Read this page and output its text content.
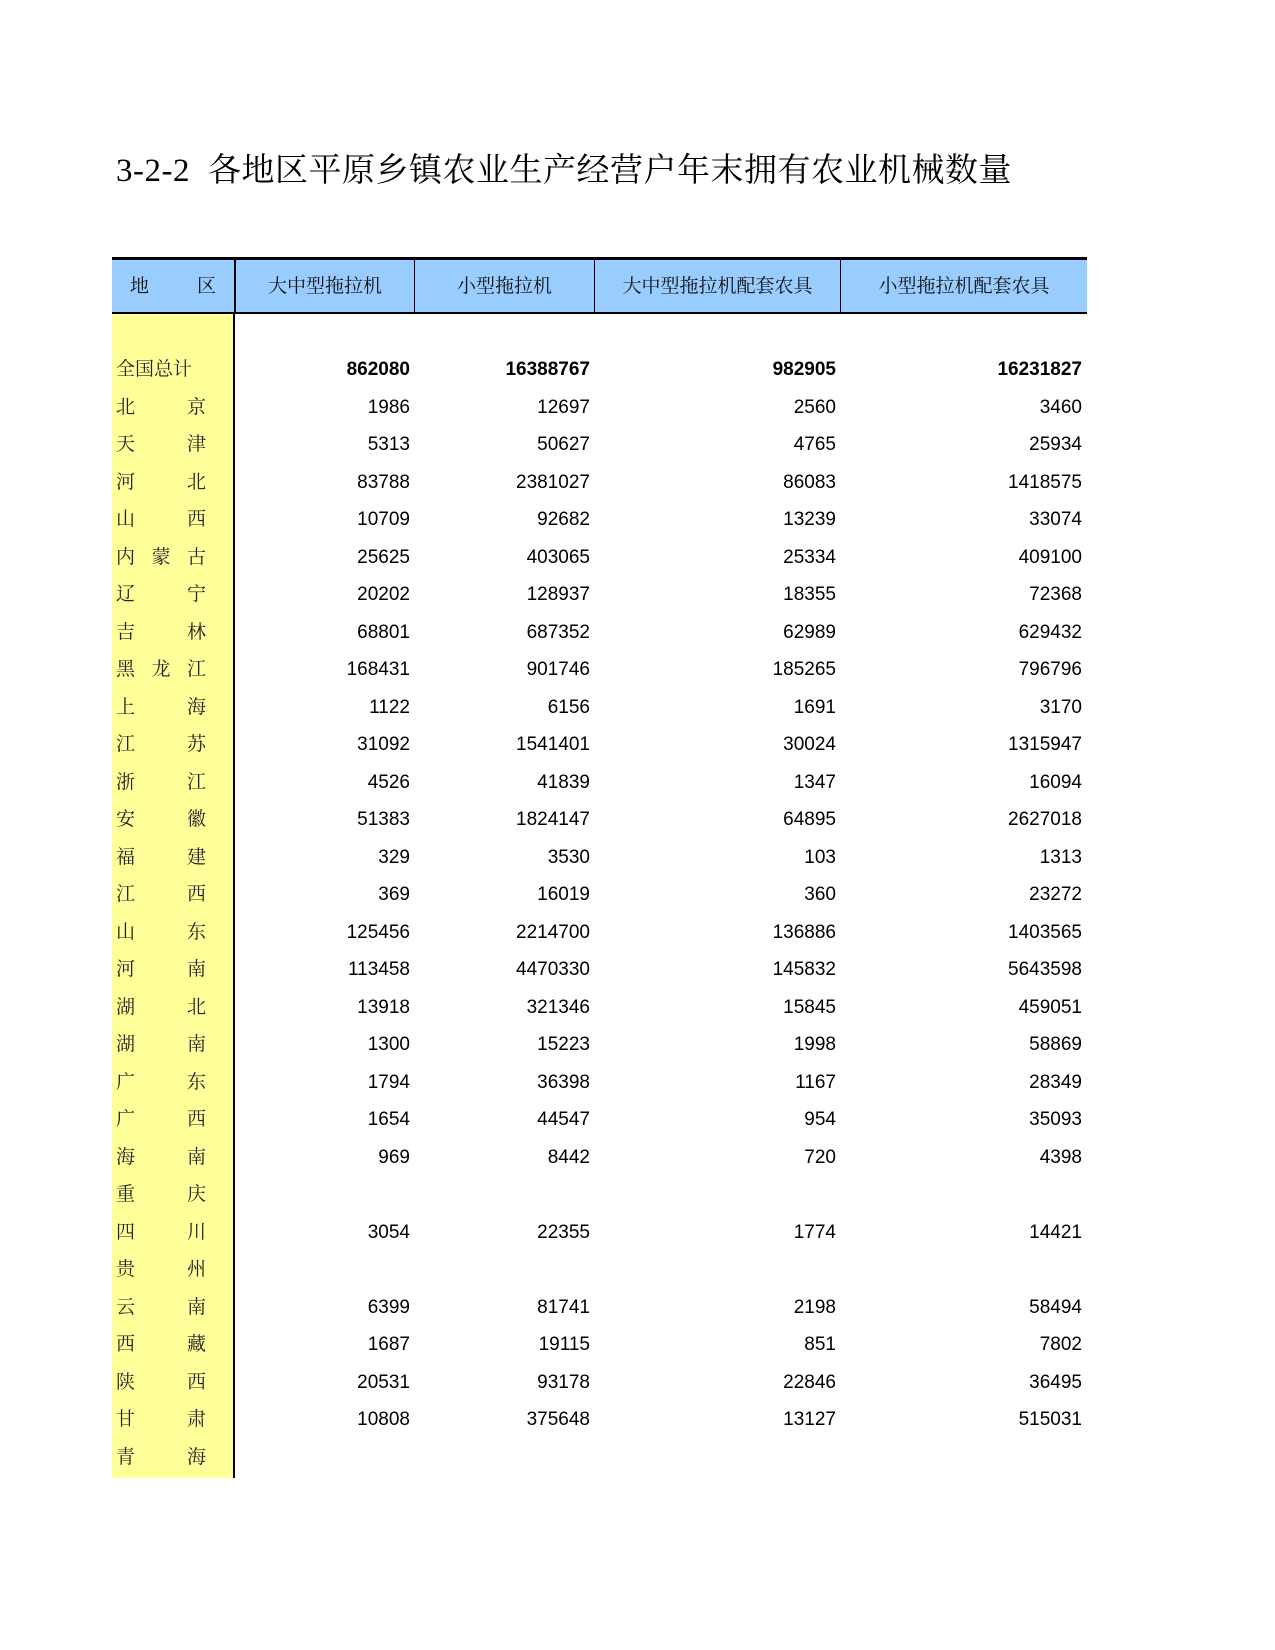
3-2-2 各地区平原乡镇农业生产经营户年末拥有农业机械数量
地	区	大中型拖拉机	小型拖拉机	大中型拖拉机配套农具	小型拖拉机配套农具
全国总计	862080	16388767	982905	16231827
北	京	1986	12697	2560	3460
天	津	5313	50627	4765	25934
河	北	83788	2381027	86083	1418575
山	西	10709	92682	13239	33074
内 蒙 古	25625	403065	25334	409100
辽	宁	20202	128937	18355	72368
吉	林	68801	687352	62989	629432
黑 龙 江	168431	901746	185265	796796
上	海	1122	6156	1691	3170
江	苏	31092	1541401	30024	1315947
浙	江	4526	41839	1347	16094
安	徽	51383	1824147	64895	2627018
福	建	329	3530	103	1313
江	西	369	16019	360	23272
山	东	125456	2214700	136886	1403565
河	南	113458	4470330	145832	5643598
湖	北	13918	321346	15845	459051
湖	南	1300	15223	1998	58869
广	东	1794	36398	1167	28349
广	西	1654	44547	954	35093
海	南	969	8442	720	4398
重	庆
四	川	3054	22355	1774	14421
贵	州
云	南	6399	81741	2198	58494
西	藏	1687	19115	851	7802
陕	西	20531	93178	22846	36495
甘	肃	10808	375648	13127	515031
青	海
